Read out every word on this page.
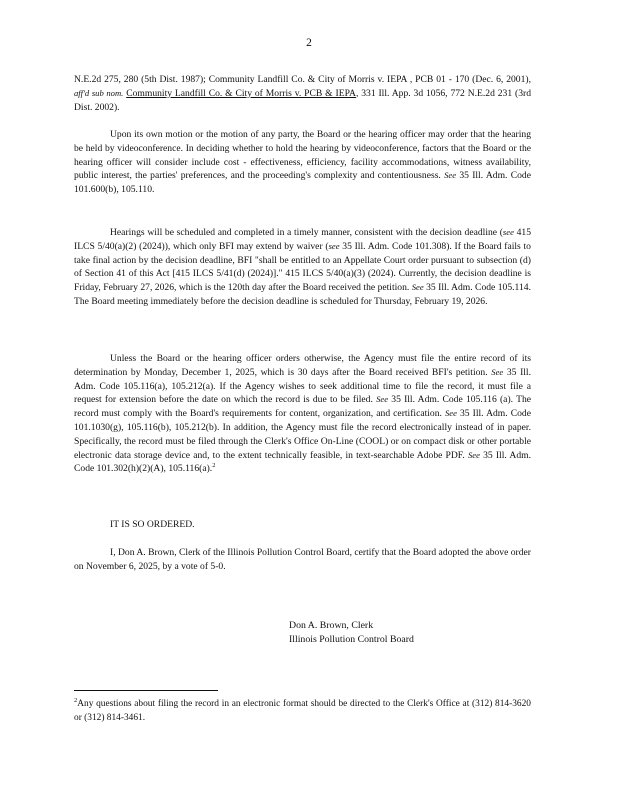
2
N.E.2d 275, 280 (5th Dist. 1987); Community Landfill Co. & City of Morris v. IEPA , PCB 01 - 170 (Dec. 6, 2001), aff'd sub nom. Community Landfill Co. & City of Morris v. PCB & IEPA, 331 Ill. App. 3d 1056, 772 N.E.2d 231 (3rd Dist. 2002).
Upon its own motion or the motion of any party, the Board or the hearing officer may order that the hearing be held by videoconference. In deciding whether to hold the hearing by videoconference, factors that the Board or the hearing officer will consider include cost - effectiveness, efficiency, facility accommodations, witness availability, public interest, the parties' preferences, and the proceeding's complexity and contentiousness. See 35 Ill. Adm. Code 101.600(b), 105.110.
Hearings will be scheduled and completed in a timely manner, consistent with the decision deadline (see 415 ILCS 5/40(a)(2) (2024)), which only BFI may extend by waiver (see 35 Ill. Adm. Code 101.308). If the Board fails to take final action by the decision deadline, BFI "shall be entitled to an Appellate Court order pursuant to subsection (d) of Section 41 of this Act [415 ILCS 5/41(d) (2024)]." 415 ILCS 5/40(a)(3) (2024). Currently, the decision deadline is Friday, February 27, 2026, which is the 120th day after the Board received the petition. See 35 Ill. Adm. Code 105.114. The Board meeting immediately before the decision deadline is scheduled for Thursday, February 19, 2026.
Unless the Board or the hearing officer orders otherwise, the Agency must file the entire record of its determination by Monday, December 1, 2025, which is 30 days after the Board received BFI's petition. See 35 Ill. Adm. Code 105.116(a), 105.212(a). If the Agency wishes to seek additional time to file the record, it must file a request for extension before the date on which the record is due to be filed. See 35 Ill. Adm. Code 105.116 (a). The record must comply with the Board's requirements for content, organization, and certification. See 35 Ill. Adm. Code 101.1030(g), 105.116(b), 105.212(b). In addition, the Agency must file the record electronically instead of in paper. Specifically, the record must be filed through the Clerk's Office On-Line (COOL) or on compact disk or other portable electronic data storage device and, to the extent technically feasible, in text-searchable Adobe PDF. See 35 Ill. Adm. Code 101.302(h)(2)(A), 105.116(a).$^2$
IT IS SO ORDERED.
I, Don A. Brown, Clerk of the Illinois Pollution Control Board, certify that the Board adopted the above order on November 6, 2025, by a vote of 5-0.
Don A. Brown, Clerk
Illinois Pollution Control Board
$^2$Any questions about filing the record in an electronic format should be directed to the Clerk's Office at (312) 814-3620 or (312) 814-3461.
